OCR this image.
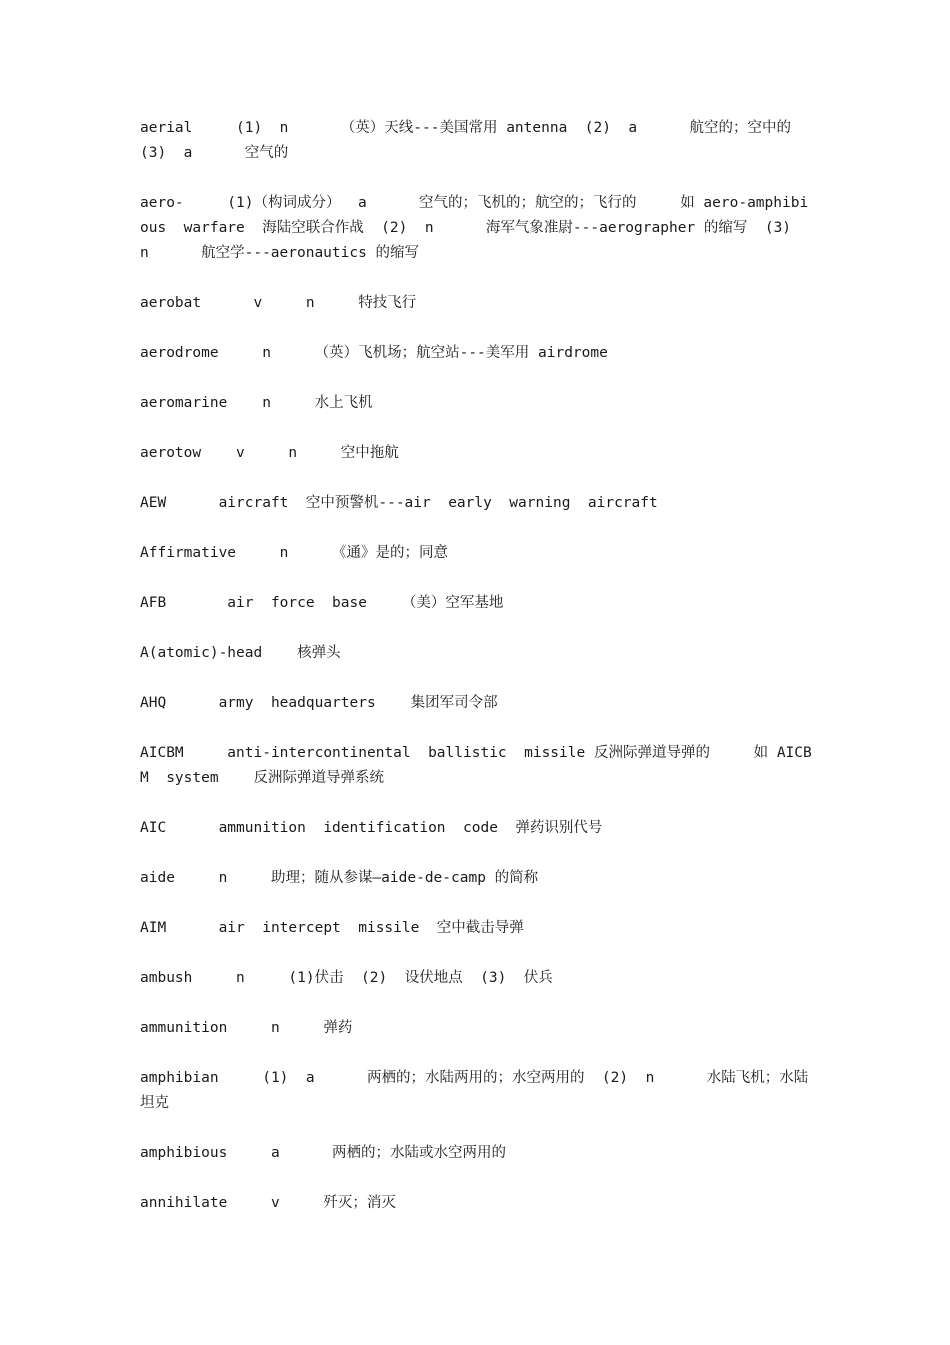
aerial     (1)  n      （英）天线---美国常用 antenna  (2)  a      航空的；空中的  (3)  a      空气的

aero-     (1)（构词成分）  a      空气的；飞机的；航空的；飞行的     如 aero-amphibious  warfare  海陆空联合作战  (2)  n      海军气象准尉---aerographer 的缩写  (3)  n      航空学---aeronautics 的缩写

aerobat      v     n     特技飞行

aerodrome     n     （英）飞机场；航空站---美军用 airdrome

aeromarine    n     水上飞机

aerotow    v     n     空中拖航

AEW      aircraft  空中预警机---air  early  warning  aircraft

Affirmative     n     《通》是的；同意

AFB       air  force  base    （美）空军基地

A(atomic)-head    核弹头

AHQ      army  headquarters    集团军司令部

AICBM     anti-intercontinental  ballistic  missile 反洲际弹道导弹的     如 AICBM  system    反洲际弹道导弹系统

AIC      ammunition  identification  code  弹药识别代号

aide     n     助理；随从参谋—aide-de-camp 的简称

AIM      air  intercept  missile  空中截击导弹

ambush     n     (1)伏击  (2)  设伏地点  (3)  伏兵

ammunition     n     弹药

amphibian     (1)  a      两栖的；水陆两用的；水空两用的  (2)  n      水陆飞机；水陆坦克

amphibious     a      两栖的；水陆或水空两用的

annihilate     v     歼灭；消灭
